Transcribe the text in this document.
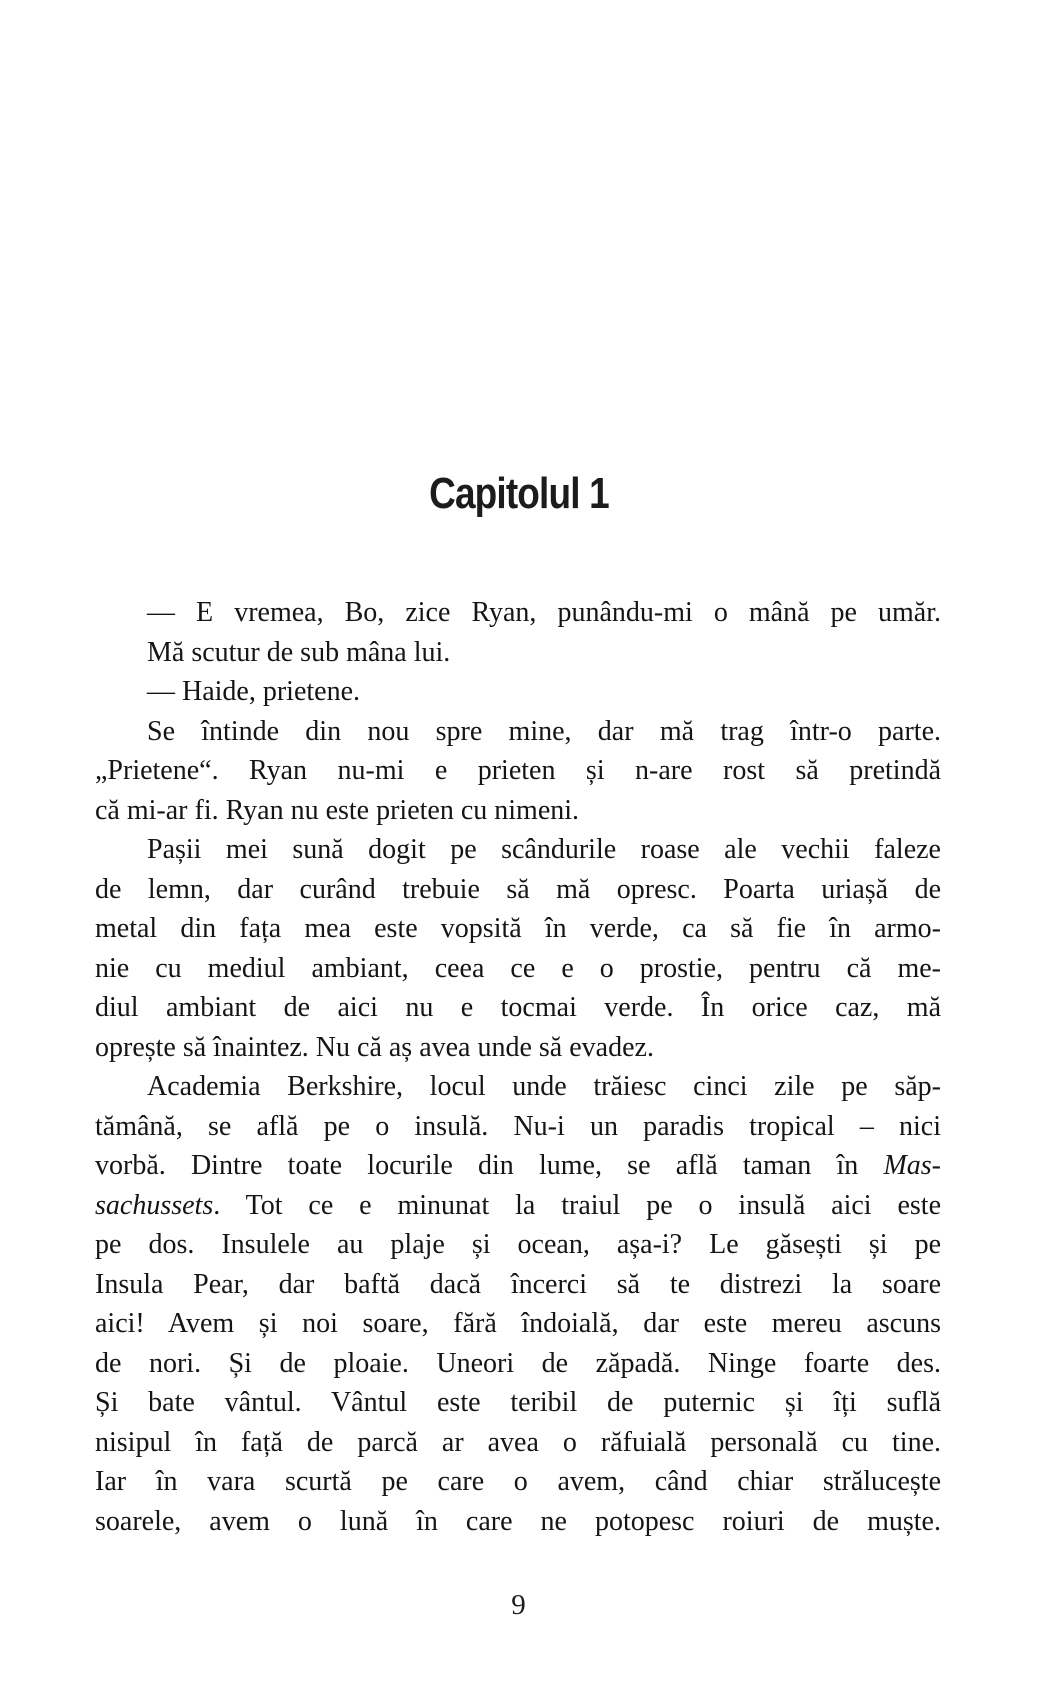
Capitolul 1
— E vremea, Bo, zice Ryan, punându-mi o mână pe umăr.
Mă scutur de sub mâna lui.
— Haide, prietene.
Se întinde din nou spre mine, dar mă trag într-o parte.
„Prietene“. Ryan nu-mi e prieten și n-are rost să pretindă
că mi-ar fi. Ryan nu este prieten cu nimeni.
Pașii mei sună dogit pe scândurile roase ale vechii faleze
de lemn, dar curând trebuie să mă opresc. Poarta uriașă de
metal din fața mea este vopsită în verde, ca să fie în armo-
nie cu mediul ambiant, ceea ce e o prostie, pentru că me-
diul ambiant de aici nu e tocmai verde. În orice caz, mă
oprește să înaintez. Nu că aș avea unde să evadez.
Academia Berkshire, locul unde trăiesc cinci zile pe săp-
tămână, se află pe o insulă. Nu-i un paradis tropical – nici
vorbă. Dintre toate locurile din lume, se află taman în Mas-
sachussets. Tot ce e minunat la traiul pe o insulă aici este
pe dos. Insulele au plaje și ocean, așa-i? Le găsești și pe
Insula Pear, dar baftă dacă încerci să te distrezi la soare
aici! Avem și noi soare, fără îndoială, dar este mereu ascuns
de nori. Și de ploaie. Uneori de zăpadă. Ninge foarte des.
Și bate vântul. Vântul este teribil de puternic și îți suflă
nisipul în față de parcă ar avea o răfuială personală cu tine.
Iar în vara scurtă pe care o avem, când chiar strălucește
soarele, avem o lună în care ne potopesc roiuri de muște.
9
